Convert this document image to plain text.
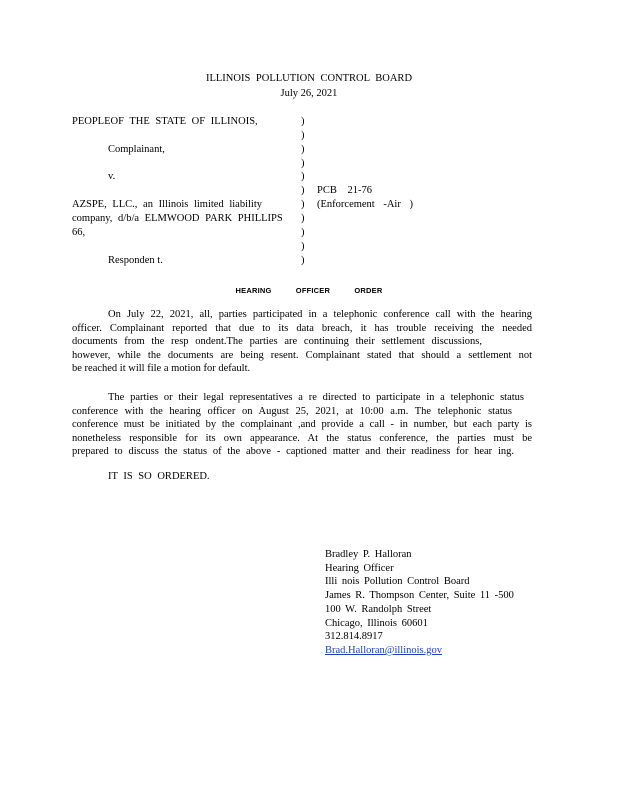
ILLINOIS POLLUTION CONTROL BOARD
July 26, 2021
PEOPLEOF THE STATE OF ILLINOIS,
Complainant,
v.
AZSPE, LLC., an Illinois limited liability
company, d/b/a ELMWOOD PARK PHILLIPS
66,
Responden t.
)
)
)
)
)
)
)
)
)
)
)
PCB 21-76
(Enforcement -Air )
HEARING OFFICER ORDER
On July 22, 2021, all, parties participated in a telephonic conference call with the hearing
officer. Complainant reported that due to its data breach, it has trouble receiving the needed
documents from the resp ondent.The parties are continuing their settlement discussions,
however, while the documents are being resent. Complainant stated that should a settlement not
be reached it will file a motion for default.
The parties or their legal representatives a re directed to participate in a telephonic status
conference with the hearing officer on August 25, 2021, at 10:00 a.m. The telephonic status
conference must be initiated by the complainant ,and provide a call - in number, but each party is
nonetheless responsible for its own appearance. At the status conference, the parties must be
prepared to discuss the status of the above - captioned matter and their readiness for hear ing.
IT IS SO ORDERED.
Bradley P. Halloran
Hearing Officer
Illi nois Pollution Control Board
James R. Thompson Center, Suite 11 -500
100 W. Randolph Street
Chicago, Illinois 60601
312.814.8917
Brad.Halloran@illinois.gov
